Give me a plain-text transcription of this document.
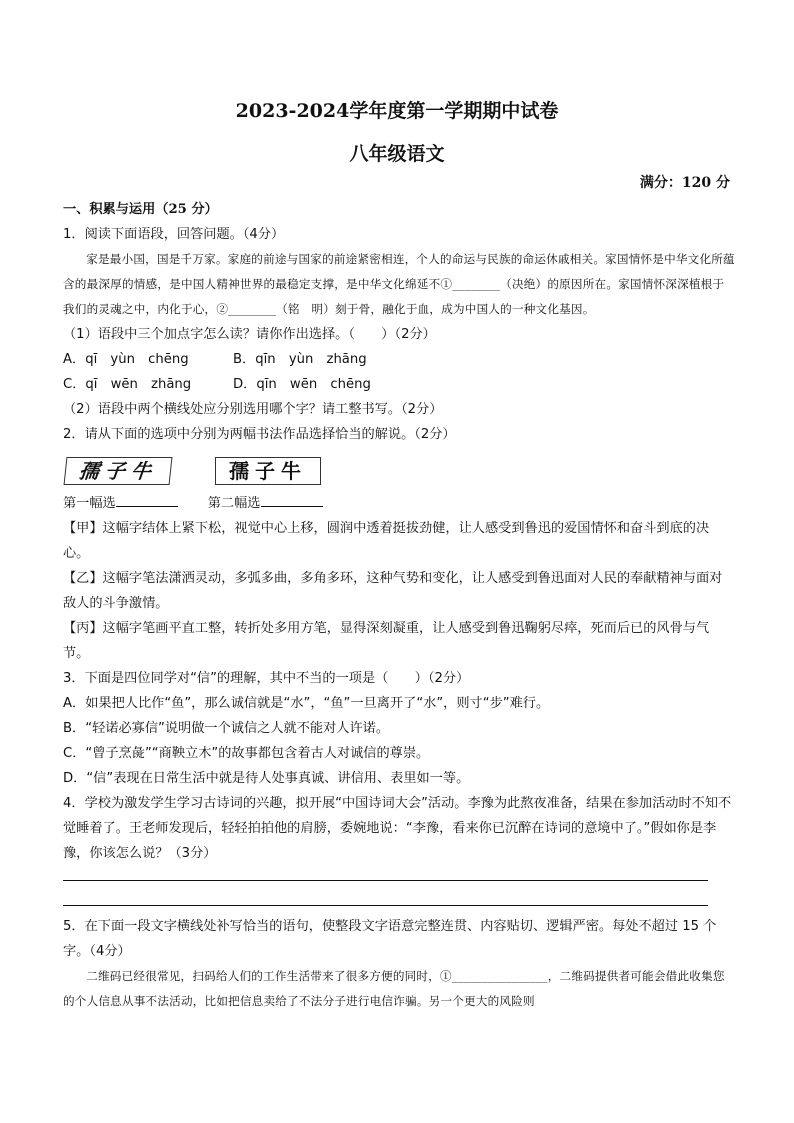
2023-2024学年度第一学期期中试卷
八年级语文
满分：120 分

一、积累与运用（25 分）

1．阅读下面语段，回答问题。（4分）

家是最小国，国是千万家。家庭的前途与国家的前途紧密相连，个人的命运与民族的命运休戚相关。家国情怀是中华文化所蕴含的最深厚的情感，是中国人精神世界的最稳定支撑，是中华文化绵延不①________（决绝）的原因所在。家国情怀深深植根于我们的灵魂之中，内化于心，②________（铭　明）刻于骨，融化于血，成为中国人的一种文化基因。

（1）语段中三个加点字怎么读？请你作出选择。（　　）（2分）

A．qī　yùn　chēng	B．qīn　yùn　zhāng
C．qī　wēn　zhāng	D．qīn　wēn　chēng

（2）语段中两个横线处应分别选用哪个字？请工整书写。（2分）

2．请从下面的选项中分别为两幅书法作品选择恰当的解说。（2分）

孺子牛	孺子牛
第一幅选	第二幅选

【甲】这幅字结体上紧下松，视觉中心上移，圆润中透着挺拔劲健，让人感受到鲁迅的爱国情怀和奋斗到底的决心。

【乙】这幅字笔法潇洒灵动，多弧多曲，多角多环，这种气势和变化，让人感受到鲁迅面对人民的奉献精神与面对敌人的斗争激情。

【丙】这幅字笔画平直工整，转折处多用方笔，显得深刻凝重，让人感受到鲁迅鞠躬尽瘁，死而后已的风骨与气节。

3．下面是四位同学对“信”的理解，其中不当的一项是（　　）（2分）

A．如果把人比作“鱼”，那么诚信就是“水”，“鱼”一旦离开了“水”，则寸“步”难行。

B．“轻诺必寡信”说明做一个诚信之人就不能对人许诺。

C．“曾子烹彘”“商鞅立木”的故事都包含着古人对诚信的尊崇。

D．“信”表现在日常生活中就是待人处事真诚、讲信用、表里如一等。

4．学校为激发学生学习古诗词的兴趣，拟开展“中国诗词大会”活动。李豫为此熬夜准备，结果在参加活动时不知不觉睡着了。王老师发现后，轻轻拍拍他的肩膀，委婉地说：“李豫，看来你已沉醉在诗词的意境中了。”假如你是李豫，你该怎么说？（3分）

5．在下面一段文字横线处补写恰当的语句，使整段文字语意完整连贯、内容贴切、逻辑严密。每处不超过 15 个字。（4分）

二维码已经很常见，扫码给人们的工作生活带来了很多方便的同时，①________________，二维码提供者可能会借此收集您的个人信息从事不法活动，比如把信息卖给了不法分子进行电信诈骗。另一个更大的风险则
